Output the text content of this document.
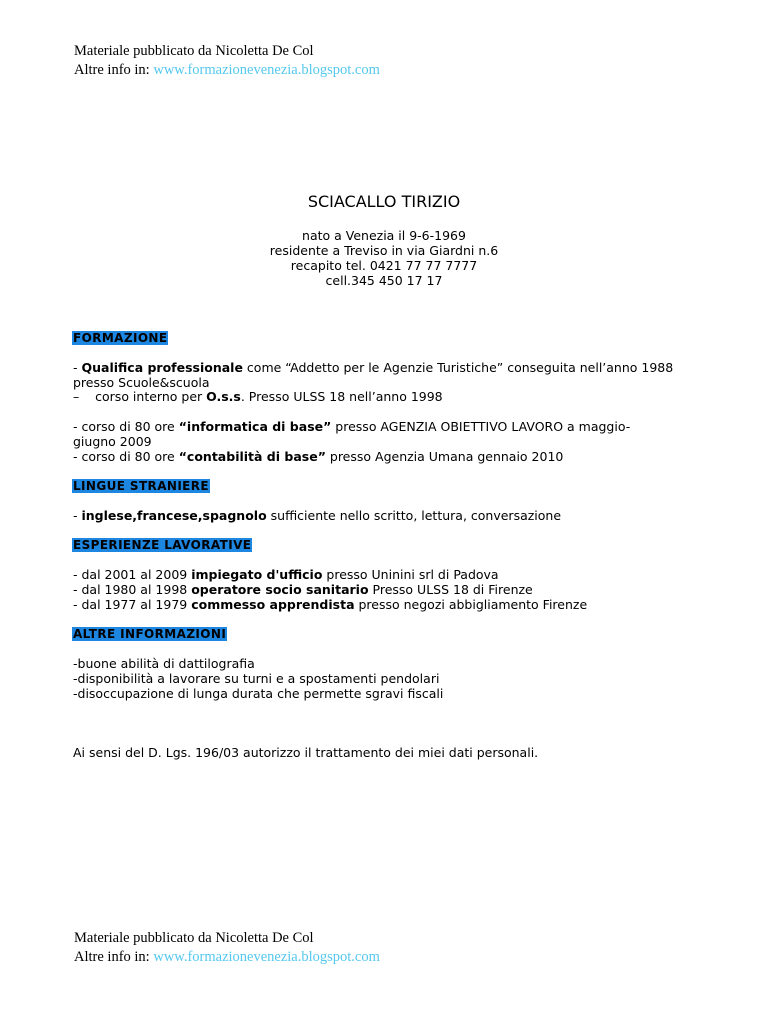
Materiale pubblicato da Nicoletta De Col
Altre info in: www.formazionevenezia.blogspot.com
SCIACALLO TIRIZIO
nato a Venezia il 9-6-1969
residente a Treviso in via Giardni n.6
recapito tel. 0421 77 77 7777
cell.345 450 17 17
FORMAZIONE
- Qualifica professionale come “Addetto per le Agenzie Turistiche” conseguita nell’anno 1988
presso Scuole&scuola
–    corso interno per O.s.s. Presso ULSS 18 nell’anno 1998
- corso di 80 ore “informatica di base” presso AGENZIA OBIETTIVO LAVORO a maggio-
giugno 2009
- corso di 80 ore “contabilità di base” presso Agenzia Umana gennaio 2010
LINGUE STRANIERE
- inglese,francese,spagnolo sufficiente nello scritto, lettura, conversazione
ESPERIENZE LAVORATIVE
- dal 2001 al 2009 impiegato d'ufficio presso Uninini srl di Padova
- dal 1980 al 1998 operatore socio sanitario Presso ULSS 18 di Firenze
- dal 1977 al 1979 commesso apprendista presso negozi abbigliamento Firenze
ALTRE INFORMAZIONI
-buone abilità di dattilografia
-disponibilità a lavorare su turni e a spostamenti pendolari
-disoccupazione di lunga durata che permette sgravi fiscali
Ai sensi del D. Lgs. 196/03 autorizzo il trattamento dei miei dati personali.
Materiale pubblicato da Nicoletta De Col
Altre info in: www.formazionevenezia.blogspot.com
